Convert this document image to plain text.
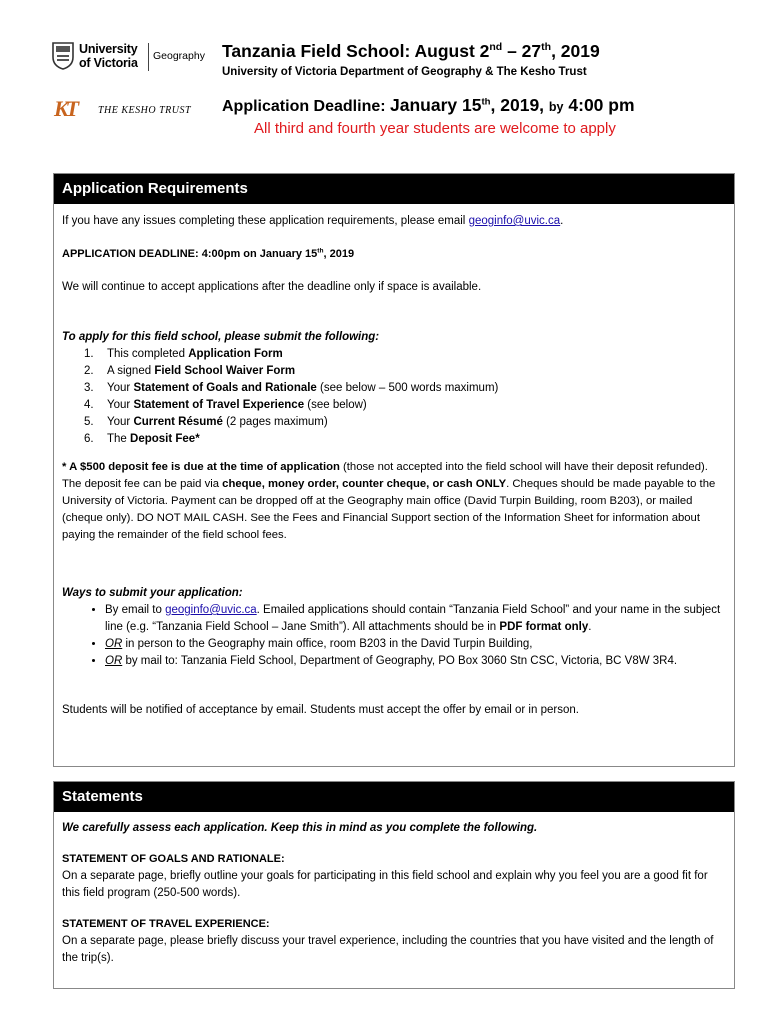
University
of Victoria Geography
KT THE KESHO TRUST
Tanzania Field School: August 2nd – 27th, 2019
University of Victoria Department of Geography & The Kesho Trust
Application Deadline: January 15th, 2019, by 4:00 pm
All third and fourth year students are welcome to apply
Application Requirements

If you have any issues completing these application requirements, please email geoginfo@uvic.ca.

APPLICATION DEADLINE: 4:00pm on January 15th, 2019

We will continue to accept applications after the deadline only if space is available.

To apply for this field school, please submit the following:

1. This completed Application Form
2. A signed Field School Waiver Form
3. Your Statement of Goals and Rationale (see below – 500 words maximum)
4. Your Statement of Travel Experience (see below)
5. Your Current Résumé (2 pages maximum)
6. The Deposit Fee*

* A $500 deposit fee is due at the time of application (those not accepted into the field school will have their deposit refunded). The deposit fee can be paid via cheque, money order, counter cheque, or cash ONLY. Cheques should be made payable to the University of Victoria. Payment can be dropped off at the Geography main office (David Turpin Building, room B203), or mailed (cheque only). DO NOT MAIL CASH. See the Fees and Financial Support section of the Information Sheet for information about paying the remainder of the field school fees.

Ways to submit your application:

• By email to geoginfo@uvic.ca. Emailed applications should contain “Tanzania Field School” and your name in the subject line (e.g. “Tanzania Field School – Jane Smith”). All attachments should be in PDF format only.
• OR in person to the Geography main office, room B203 in the David Turpin Building,
• OR by mail to: Tanzania Field School, Department of Geography, PO Box 3060 Stn CSC, Victoria, BC V8W 3R4.

Students will be notified of acceptance by email. Students must accept the offer by email or in person.

Statements

We carefully assess each application. Keep this in mind as you complete the following.

STATEMENT OF GOALS AND RATIONALE:

On a separate page, briefly outline your goals for participating in this field school and explain why you feel you are a good fit for this field program (250-500 words).

STATEMENT OF TRAVEL EXPERIENCE:

On a separate page, please briefly discuss your travel experience, including the countries that you have visited and the length of the trip(s).
